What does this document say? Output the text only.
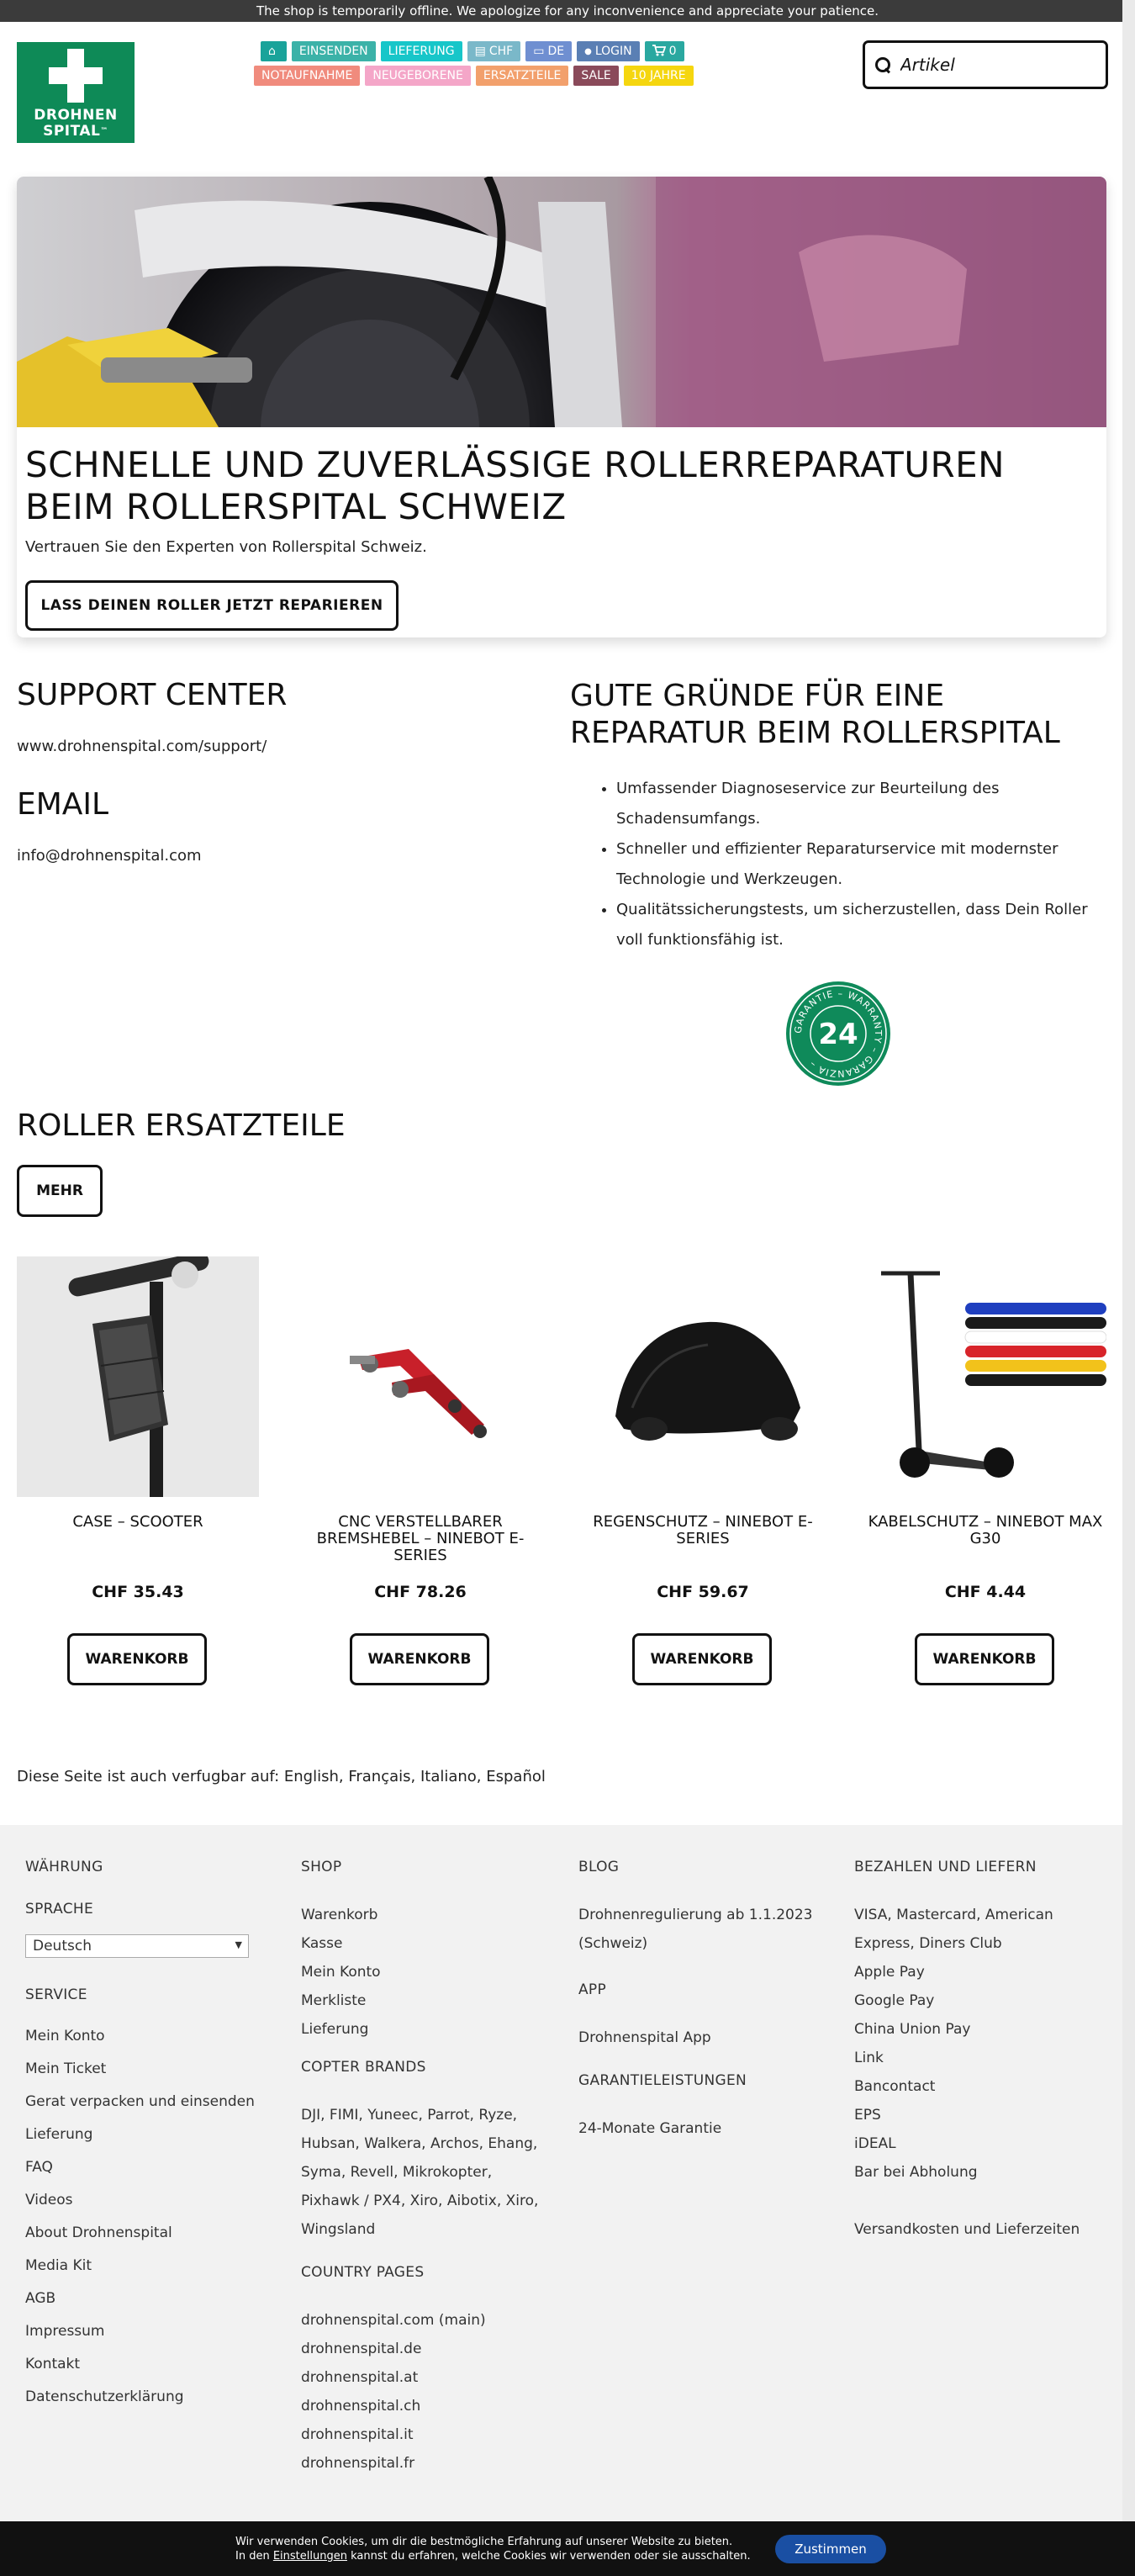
The shop is temporarily offline. We apologize for any inconvenience and appreciate your patience.
DROHNEN
SPITAL™
⌂ EINSENDEN LIEFERUNG ▤ CHF ▭ DE ● LOGIN	0
NOTAUFNAHME NEUGEBORENE ERSATZTEILE SALE 10 JAHRE
Artikel
SCHNELLE UND ZUVERLÄSSIGE ROLLERREPARATUREN BEIM ROLLERSPITAL SCHWEIZ

Vertrauen Sie den Experten von Rollerspital Schweiz.

LASS DEINEN ROLLER JETZT REPARIEREN
SUPPORT CENTER

www.drohnenspital.com/support/

EMAIL

info@drohnenspital.com

GUTE GRÜNDE FÜR EINE REPARATUR BEIM ROLLERSPITAL
• Umfassender Diagnoseservice zur Beurteilung des Schadensumfangs.
• Schneller und effizienter Reparaturservice mit modernster Technologie und Werkzeugen.
• Qualitätssicherungstests, um sicherzustellen, dass Dein Roller voll funktionsfähig ist.
GARANTIE – WARRANTY – GARANZIA –
24
ROLLER ERSATZTEILE
MEHR
CASE – SCOOTER
CHF 35.43
WARENKORB
CNC VERSTELLBARER BREMSHEBEL – NINEBOT E-SERIES
CHF 78.26
WARENKORB
REGENSCHUTZ – NINEBOT E-SERIES
CHF 59.67
WARENKORB
KABELSCHUTZ – NINEBOT MAX G30
CHF 4.44
WARENKORB

Diese Seite ist auch verfugbar auf: English, Français, Italiano, Español

WÄHRUNG
SPRACHE
Deutsch ▼
SERVICE
Mein Konto
Mein Ticket
Gerat verpacken und einsenden
Lieferung
FAQ
Videos
About Drohnenspital
Media Kit
AGB
Impressum
Kontakt
Datenschutzerklärung
SHOP
Warenkorb
Kasse
Mein Konto
Merkliste
Lieferung
COPTER BRANDS
DJI, FIMI, Yuneec, Parrot, Ryze,
Hubsan, Walkera, Archos, Ehang,
Syma, Revell, Mikrokopter,
Pixhawk / PX4, Xiro, Aibotix, Xiro,
Wingsland
COUNTRY PAGES
drohnenspital.com (main)
drohnenspital.de
drohnenspital.at
drohnenspital.ch
drohnenspital.it
drohnenspital.fr
BLOG
Drohnenregulierung ab 1.1.2023
(Schweiz)
APP
Drohnenspital App
GARANTIELEISTUNGEN
24-Monate Garantie
BEZAHLEN UND LIEFERN
VISA, Mastercard, American
Express, Diners Club
Apple Pay
Google Pay
China Union Pay
Link
Bancontact
EPS
iDEAL
Bar bei Abholung
Versandkosten und Lieferzeiten
Wir verwenden Cookies, um dir die bestmögliche Erfahrung auf unserer Website zu bieten.
In den Einstellungen kannst du erfahren, welche Cookies wir verwenden oder sie ausschalten.	Zustimmen
